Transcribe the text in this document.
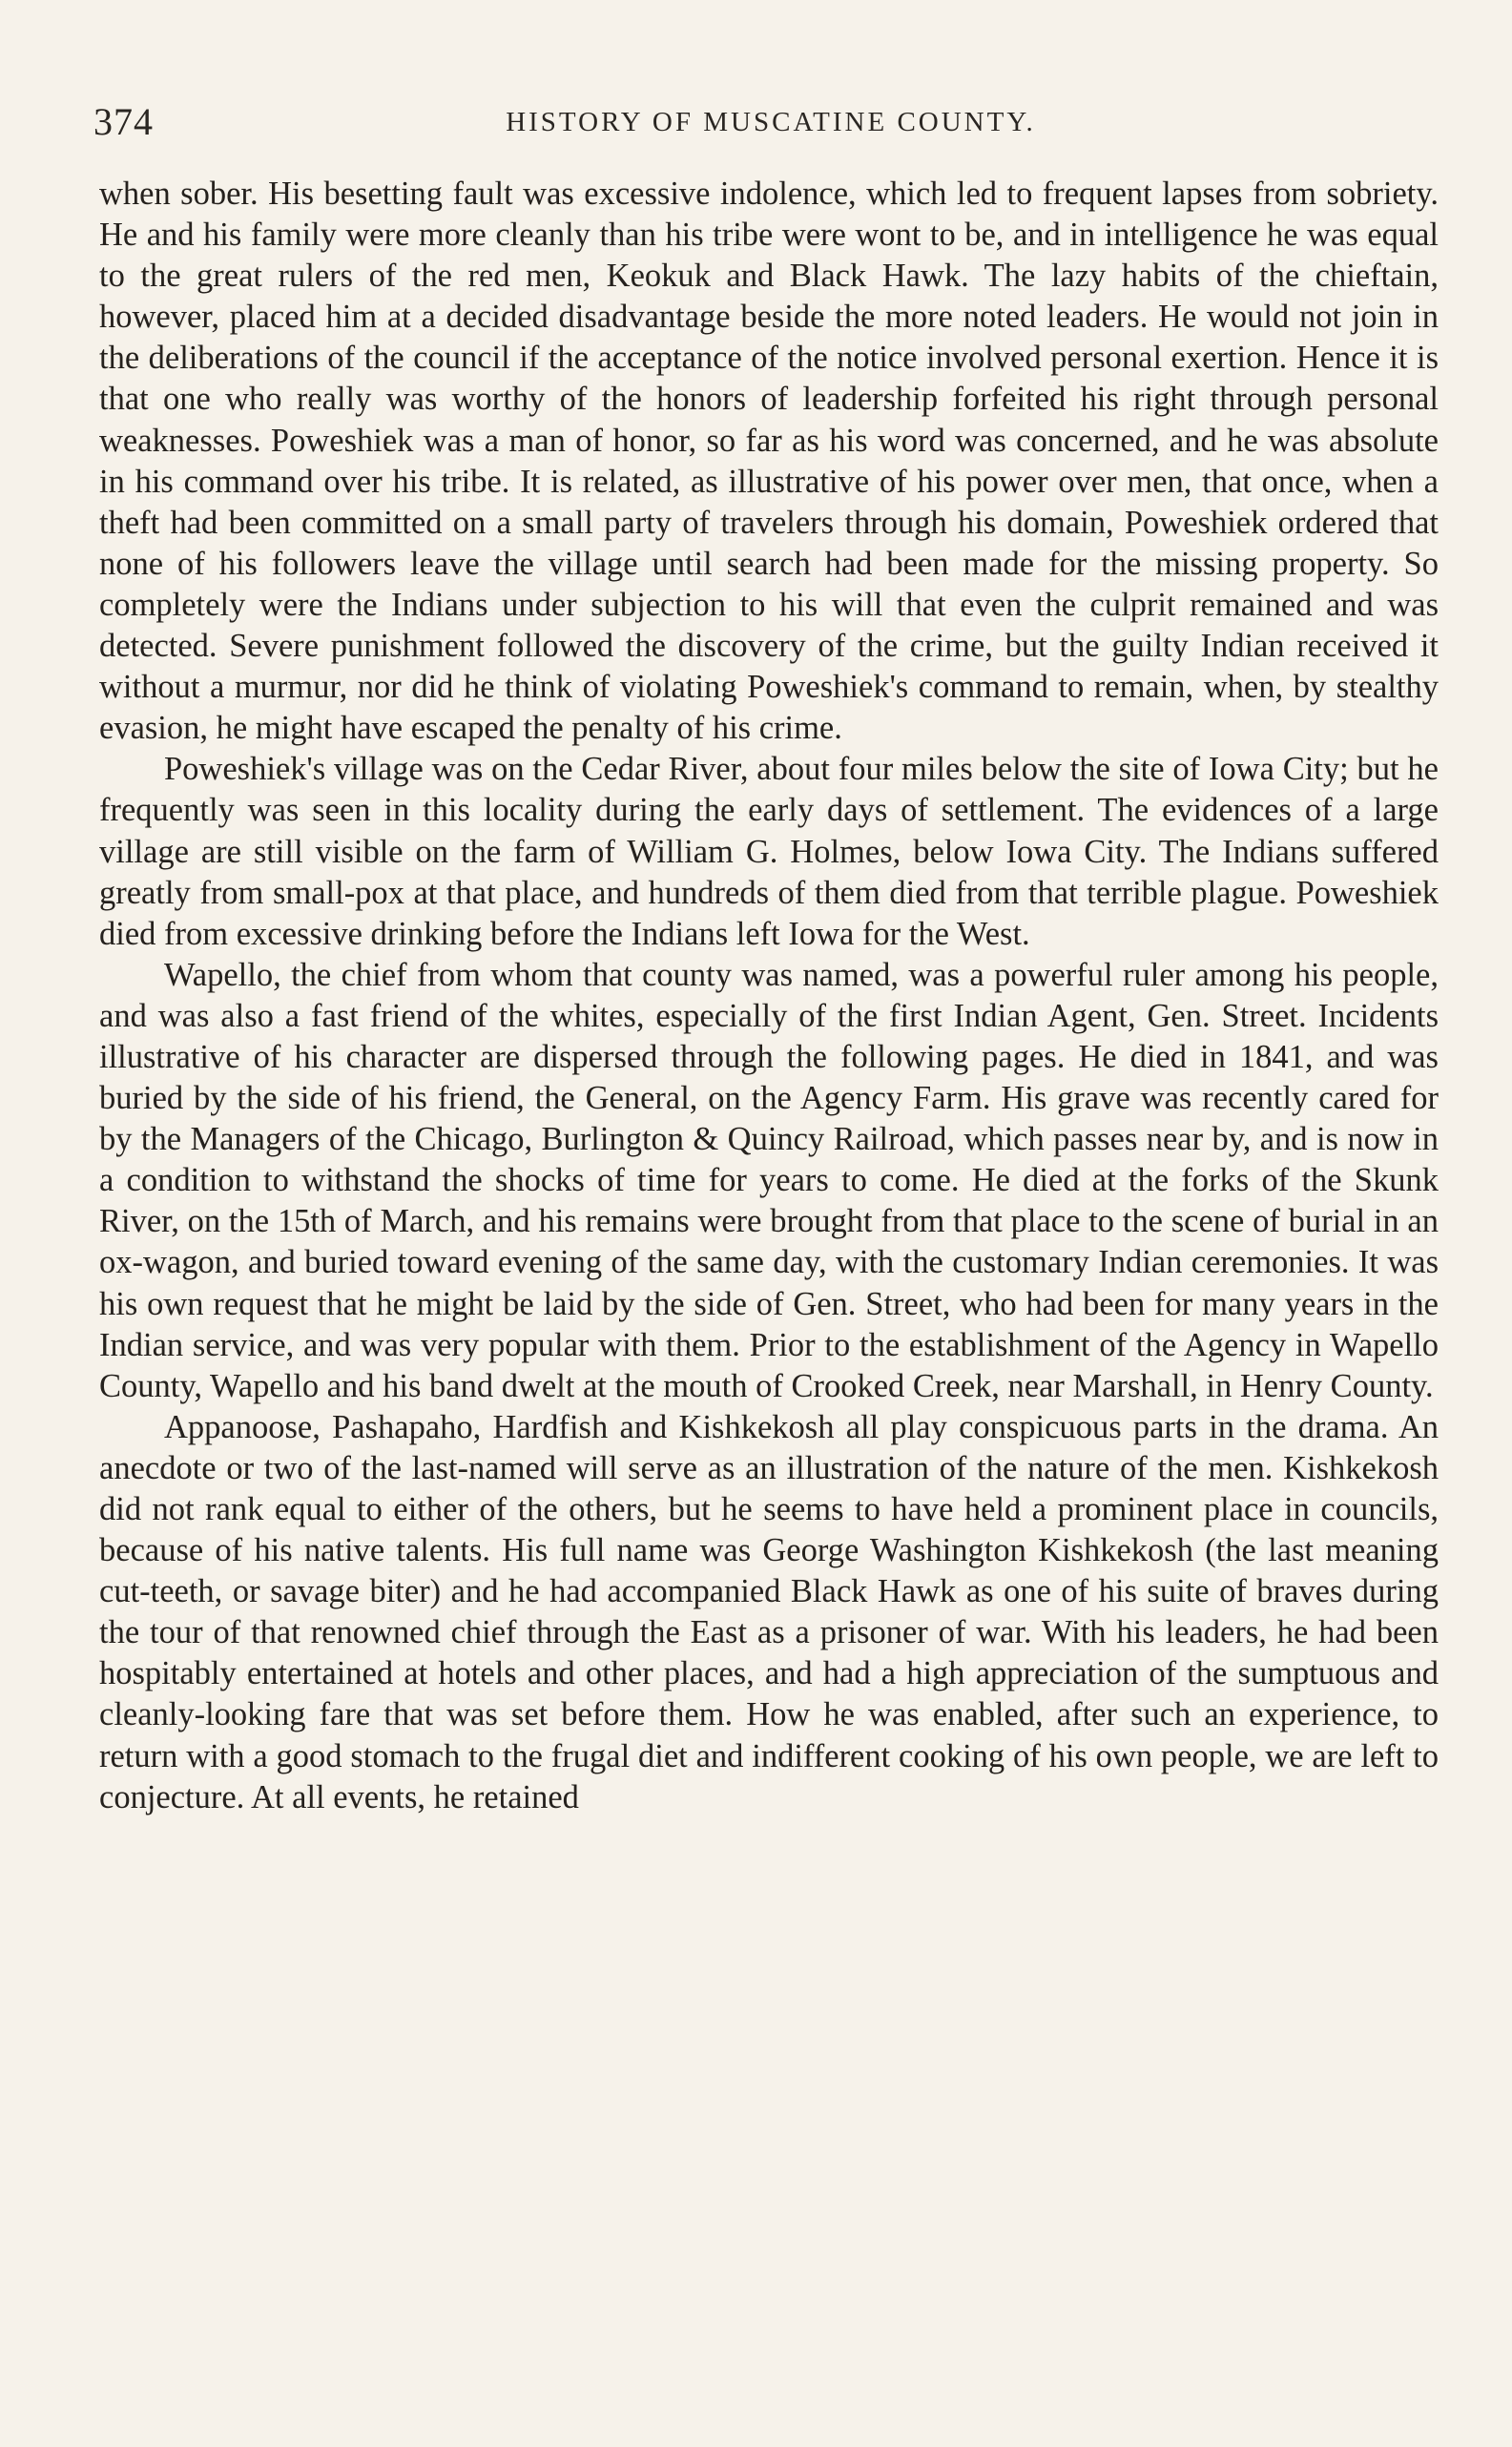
374	HISTORY OF MUSCATINE COUNTY.

when sober. His besetting fault was excessive indolence, which led to frequent lapses from sobriety. He and his family were more cleanly than his tribe were wont to be, and in intelligence he was equal to the great rulers of the red men, Keokuk and Black Hawk. The lazy habits of the chieftain, however, placed him at a decided disadvantage beside the more noted leaders. He would not join in the deliberations of the council if the acceptance of the notice involved personal exertion. Hence it is that one who really was worthy of the honors of leadership forfeited his right through personal weaknesses. Poweshiek was a man of honor, so far as his word was concerned, and he was absolute in his command over his tribe. It is related, as illustrative of his power over men, that once, when a theft had been committed on a small party of travelers through his domain, Poweshiek ordered that none of his followers leave the village until search had been made for the missing property. So completely were the Indians under subjection to his will that even the culprit remained and was detected. Severe punishment followed the discovery of the crime, but the guilty Indian received it without a murmur, nor did he think of violating Poweshiek's command to remain, when, by stealthy evasion, he might have escaped the penalty of his crime.

Poweshiek's village was on the Cedar River, about four miles below the site of Iowa City; but he frequently was seen in this locality during the early days of settlement. The evidences of a large village are still visible on the farm of William G. Holmes, below Iowa City. The Indians suffered greatly from small-pox at that place, and hundreds of them died from that terrible plague. Poweshiek died from excessive drinking before the Indians left Iowa for the West.

Wapello, the chief from whom that county was named, was a powerful ruler among his people, and was also a fast friend of the whites, especially of the first Indian Agent, Gen. Street. Incidents illustrative of his character are dispersed through the following pages. He died in 1841, and was buried by the side of his friend, the General, on the Agency Farm. His grave was recently cared for by the Managers of the Chicago, Burlington & Quincy Railroad, which passes near by, and is now in a condition to withstand the shocks of time for years to come. He died at the forks of the Skunk River, on the 15th of March, and his remains were brought from that place to the scene of burial in an ox-wagon, and buried toward evening of the same day, with the customary Indian ceremonies. It was his own request that he might be laid by the side of Gen. Street, who had been for many years in the Indian service, and was very popular with them. Prior to the establishment of the Agency in Wapello County, Wapello and his band dwelt at the mouth of Crooked Creek, near Marshall, in Henry County.

Appanoose, Pashapaho, Hardfish and Kishkekosh all play conspicuous parts in the drama. An anecdote or two of the last-named will serve as an illustration of the nature of the men. Kishkekosh did not rank equal to either of the others, but he seems to have held a prominent place in councils, because of his native talents. His full name was George Washington Kishkekosh (the last meaning cut-teeth, or savage biter) and he had accompanied Black Hawk as one of his suite of braves during the tour of that renowned chief through the East as a prisoner of war. With his leaders, he had been hospitably entertained at hotels and other places, and had a high appreciation of the sumptuous and cleanly-looking fare that was set before them. How he was enabled, after such an experience, to return with a good stomach to the frugal diet and indifferent cooking of his own people, we are left to conjecture. At all events, he retained
